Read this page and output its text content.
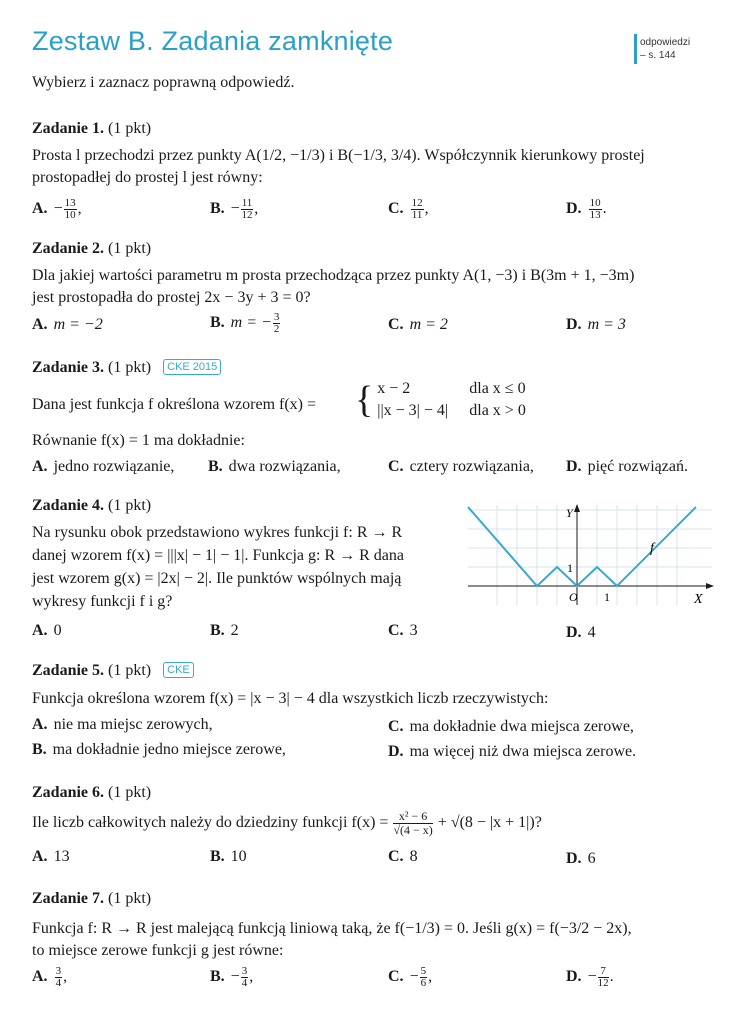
Zestaw B. Zadania zamknięte	odpowiedzi
– s. 144
Wybierz i zaznacz poprawną odpowiedź.
Zadanie 1. (1 pkt)
Prosta l przechodzi przez punkty A(1/2, −1/3) i B(−1/3, 3/4). Współczynnik kierunkowy prostej
prostopadłej do prostej l jest równy:
A. − $\frac{13}{10}$ ,	B. − $\frac{11}{12}$ ,	C. $\frac{12}{11}$ ,	D. $\frac{10}{13}$ .
Zadanie 2. (1 pkt)
Dla jakiej wartości parametru m prosta przechodząca przez punkty A(1, −3) i B(3m + 1, −3m)
jest prostopadła do prostej 2x − 3y + 3 = 0?
A. m = −2	B. m = − $\frac{3}{2}$	C. m = 2	D. m = 3
Zadanie 3. (1 pkt) CKE 2015
Dana jest funkcja f określona wzorem f(x) = { x − 2	dla x ≤ 0
||x − 3| − 4| dla x > 0
Równanie f(x) = 1 ma dokładnie:
A. jedno rozwiązanie, B. dwa rozwiązania,	C. cztery rozwiązania, D. pięć rozwiązań.
Zadanie 4. (1 pkt)
Na rysunku obok przedstawiono wykres funkcji f: R → R
danej wzorem f(x) = |||x| − 1| − 1|. Funkcja g: R → R dana
jest wzorem g(x) = |2x| − 2|. Ile punktów wspólnych mają
wykresy funkcji f i g?
Y
X
f
O 1
1
A. 0	B. 2	C. 3	D. 4
Zadanie 5. (1 pkt) CKE
Funkcja określona wzorem f(x) = |x − 3| − 4 dla wszystkich liczb rzeczywistych:
A. nie ma miejsc zerowych,	C. ma dokładnie dwa miejsca zerowe,
B. ma dokładnie jedno miejsce zerowe,	D. ma więcej niż dwa miejsca zerowe.
Zadanie 6. (1 pkt)
Ile liczb całkowitych należy do dziedziny funkcji $f(x) = \frac{\text{x² − 6}}{√(4 - x)} + √(8 - |x + 1|)$?
A. 13	B. 10	C. 8	D. 6
Zadanie 7. (1 pkt)
Funkcja f: R → R jest malejącą funkcją liniową taką, że f(−1/3) = 0. Jeśli g(x) = f(−3/2 − 2x),
to miejsce zerowe funkcji g jest równe:
A. $\frac{3}{4}$ ,	B. − $\frac{3}{4}$ ,	C. − $\frac{5}{6}$ ,	D. − $\frac{7}{12}$ .
